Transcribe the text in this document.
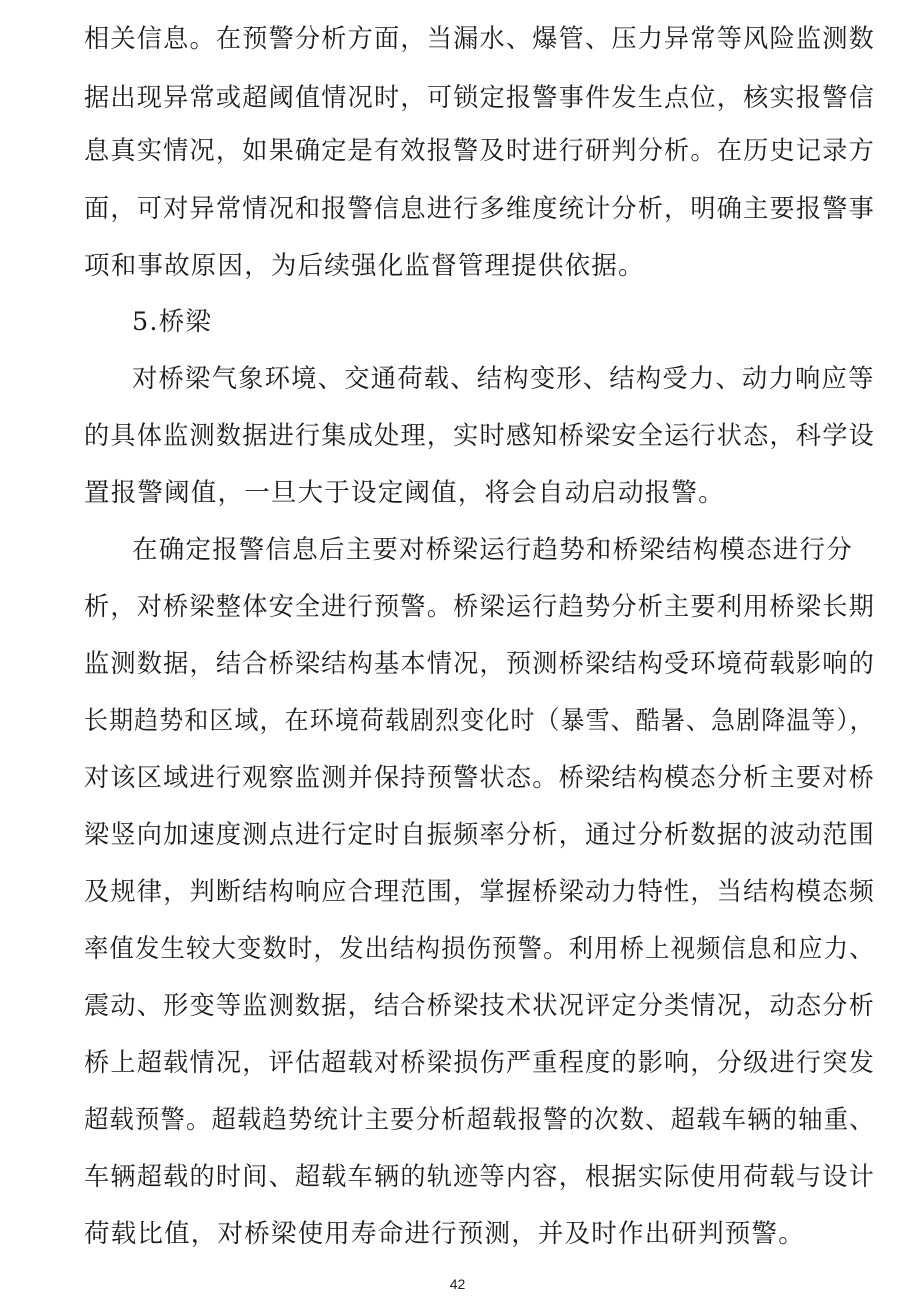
相关信息。在预警分析方面，当漏水、爆管、压力异常等风险监测数
据出现异常或超阈值情况时，可锁定报警事件发生点位，核实报警信
息真实情况，如果确定是有效报警及时进行研判分析。在历史记录方
面，可对异常情况和报警信息进行多维度统计分析，明确主要报警事
项和事故原因，为后续强化监督管理提供依据。
5.桥梁
对桥梁气象环境、交通荷载、结构变形、结构受力、动力响应等
的具体监测数据进行集成处理，实时感知桥梁安全运行状态，科学设
置报警阈值，一旦大于设定阈值，将会自动启动报警。
在确定报警信息后主要对桥梁运行趋势和桥梁结构模态进行分
析，对桥梁整体安全进行预警。桥梁运行趋势分析主要利用桥梁长期
监测数据，结合桥梁结构基本情况，预测桥梁结构受环境荷载影响的
长期趋势和区域，在环境荷载剧烈变化时（暴雪、酷暑、急剧降温等），
对该区域进行观察监测并保持预警状态。桥梁结构模态分析主要对桥
梁竖向加速度测点进行定时自振频率分析，通过分析数据的波动范围
及规律，判断结构响应合理范围，掌握桥梁动力特性，当结构模态频
率值发生较大变数时，发出结构损伤预警。利用桥上视频信息和应力、
震动、形变等监测数据，结合桥梁技术状况评定分类情况，动态分析
桥上超载情况，评估超载对桥梁损伤严重程度的影响，分级进行突发
超载预警。超载趋势统计主要分析超载报警的次数、超载车辆的轴重、
车辆超载的时间、超载车辆的轨迹等内容，根据实际使用荷载与设计
荷载比值，对桥梁使用寿命进行预测，并及时作出研判预警。
42
